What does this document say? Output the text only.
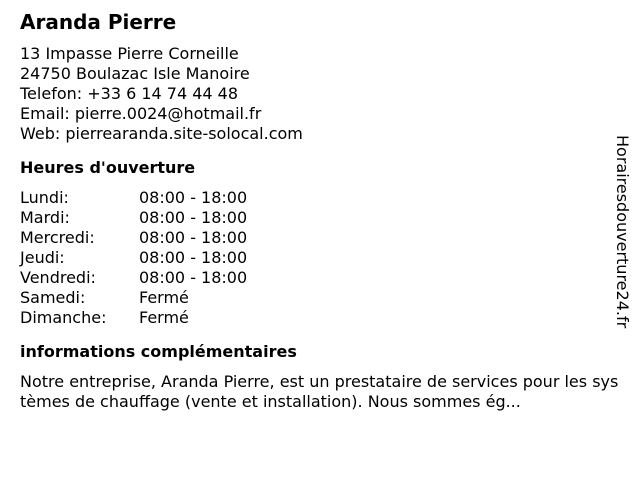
Aranda Pierre
13 Impasse Pierre Corneille
24750 Boulazac Isle Manoire
Telefon: +33 6 14 74 44 48
Email: pierre.0024@hotmail.fr
Web: pierrearanda.site-solocal.com
Heures d'ouverture
Lundi:	08:00 - 18:00
Mardi:	08:00 - 18:00
Mercredi:	08:00 - 18:00
Jeudi:	08:00 - 18:00
Vendredi:	08:00 - 18:00
Samedi:	Fermé
Dimanche:	Fermé
informations complémentaires
Notre entreprise, Aranda Pierre, est un prestataire de services pour les systèmes de chauffage (vente et installation). Nous sommes ég...
Horairesdouverture24.fr
